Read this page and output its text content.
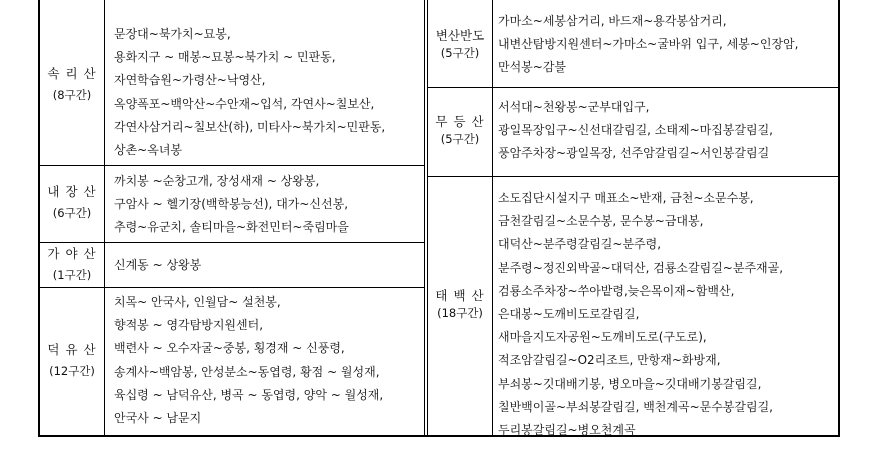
속 리 산
(8구간)
문장대~북가치~묘봉,
용화지구 ~ 매봉~묘봉~북가치 ~ 민판동,
자연학습원~가령산~낙영산,
옥양폭포~백악산~수안재~입석, 각연사~칠보산,
각연사삼거리~칠보산(하), 미타사~북가치~민판동,
상촌~옥녀봉
내 장 산
(6구간)
까치봉 ~순창고개, 장성새재 ~ 상왕봉,
구암사 ~ 헬기장(백학봉능선), 대가~신선봉,
추령~유군치, 솔티마을~화전민터~죽림마을
가 야 산
(1구간)
신계동 ~ 상왕봉
덕 유 산
(12구간)
치목~ 안국사, 인월담~ 설천봉,
향적봉 ~ 영각탐방지원센터,
백련사 ~ 오수자굴~중봉, 횡경재 ~ 신풍령,
송계사~백암봉, 안성분소~동엽령, 황점 ~ 월성재,
육십령 ~ 남덕유산, 병곡 ~ 동엽령, 양악 ~ 월성재,
안국사 ~ 남문지
변산반도
(5구간)
가마소~세봉삼거리, 바드재~용각봉삼거리,
내변산탐방지원센터~가마소~굴바위 입구, 세봉~인장암,
만석봉~감불
무 등 산
(5구간)
서석대~천왕봉~군부대입구,
광일목장입구~신선대갈림길, 소태제~마집봉갈림길,
풍암주차장~광일목장, 선주암갈림길~서인봉갈림길
태 백 산
(18구간)
소도집단시설지구 매표소~반재, 금천~소문수봉,
금천갈림길~소문수봉, 문수봉~금대봉,
대덕산~분주령갈림길~분주령,
분주령~정진외박골~대덕산, 검룡소갈림길~분주재골,
검룡소주차장~쑤아밭령,늦은목이재~함백산,
은대봉~도깨비도로갈림길,
새마을지도자공원~도깨비도로(구도로),
적조암갈림길~O2리조트, 만항재~화방재,
부쇠봉~깃대배기봉, 병오마을~깃대배기봉갈림길,
칠반백이골~부쇠봉갈림길, 백천계곡~문수봉갈림길,
두리봉갈림길~병오천계곡
